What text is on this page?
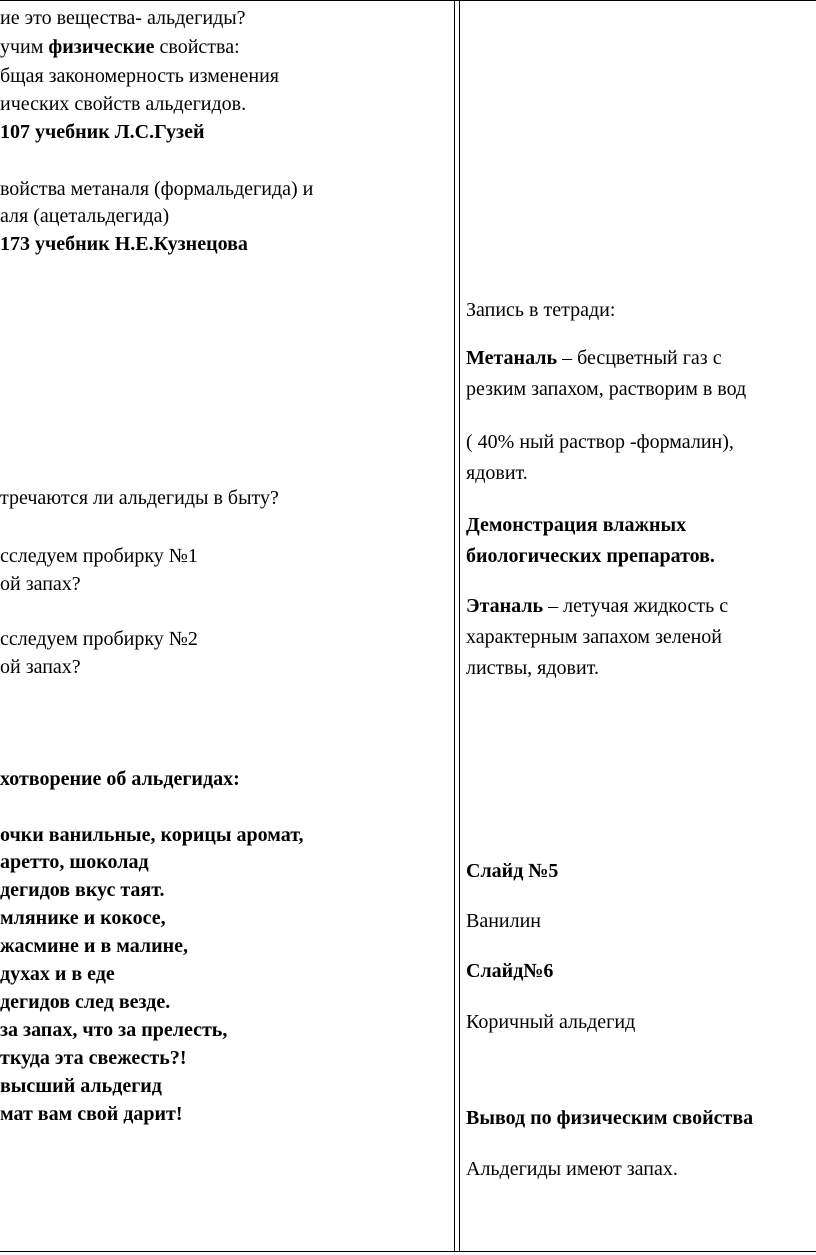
ие это вещества- альдегиды?
учим физические свойства:
бщая закономерность изменения
ических свойств альдегидов.
107 учебник Л.С.Гузей
войства метаналя (формальдегида) и
аля (ацетальдегида)
173 учебник Н.Е.Кузнецова
тречаются ли альдегиды в быту?
сследуем пробирку №1
ой запах?
сследуем пробирку №2
ой запах?
хотворение об альдегидах:
очки ванильные, корицы аромат,
аретто, шоколад
дегидов вкус таят.
млянике и кокосе,
жасмине и в малине,
духах и в еде
дегидов след везде.
за запах, что за прелесть,
ткуда эта свежесть?!
высший альдегид
мат вам свой дарит!
Запись в тетради:
Метаналь – бесцветный газ с
резким запахом, растворим в вод
( 40% ный раствор -формалин),
ядовит.
Демонстрация влажных
биологических препаратов.
Этаналь – летучая жидкость с
характерным запахом зеленой
листвы, ядовит.
Слайд №5
Ванилин
Слайд№6
Коричный альдегид
Вывод по физическим свойства
Альдегиды имеют запах.
